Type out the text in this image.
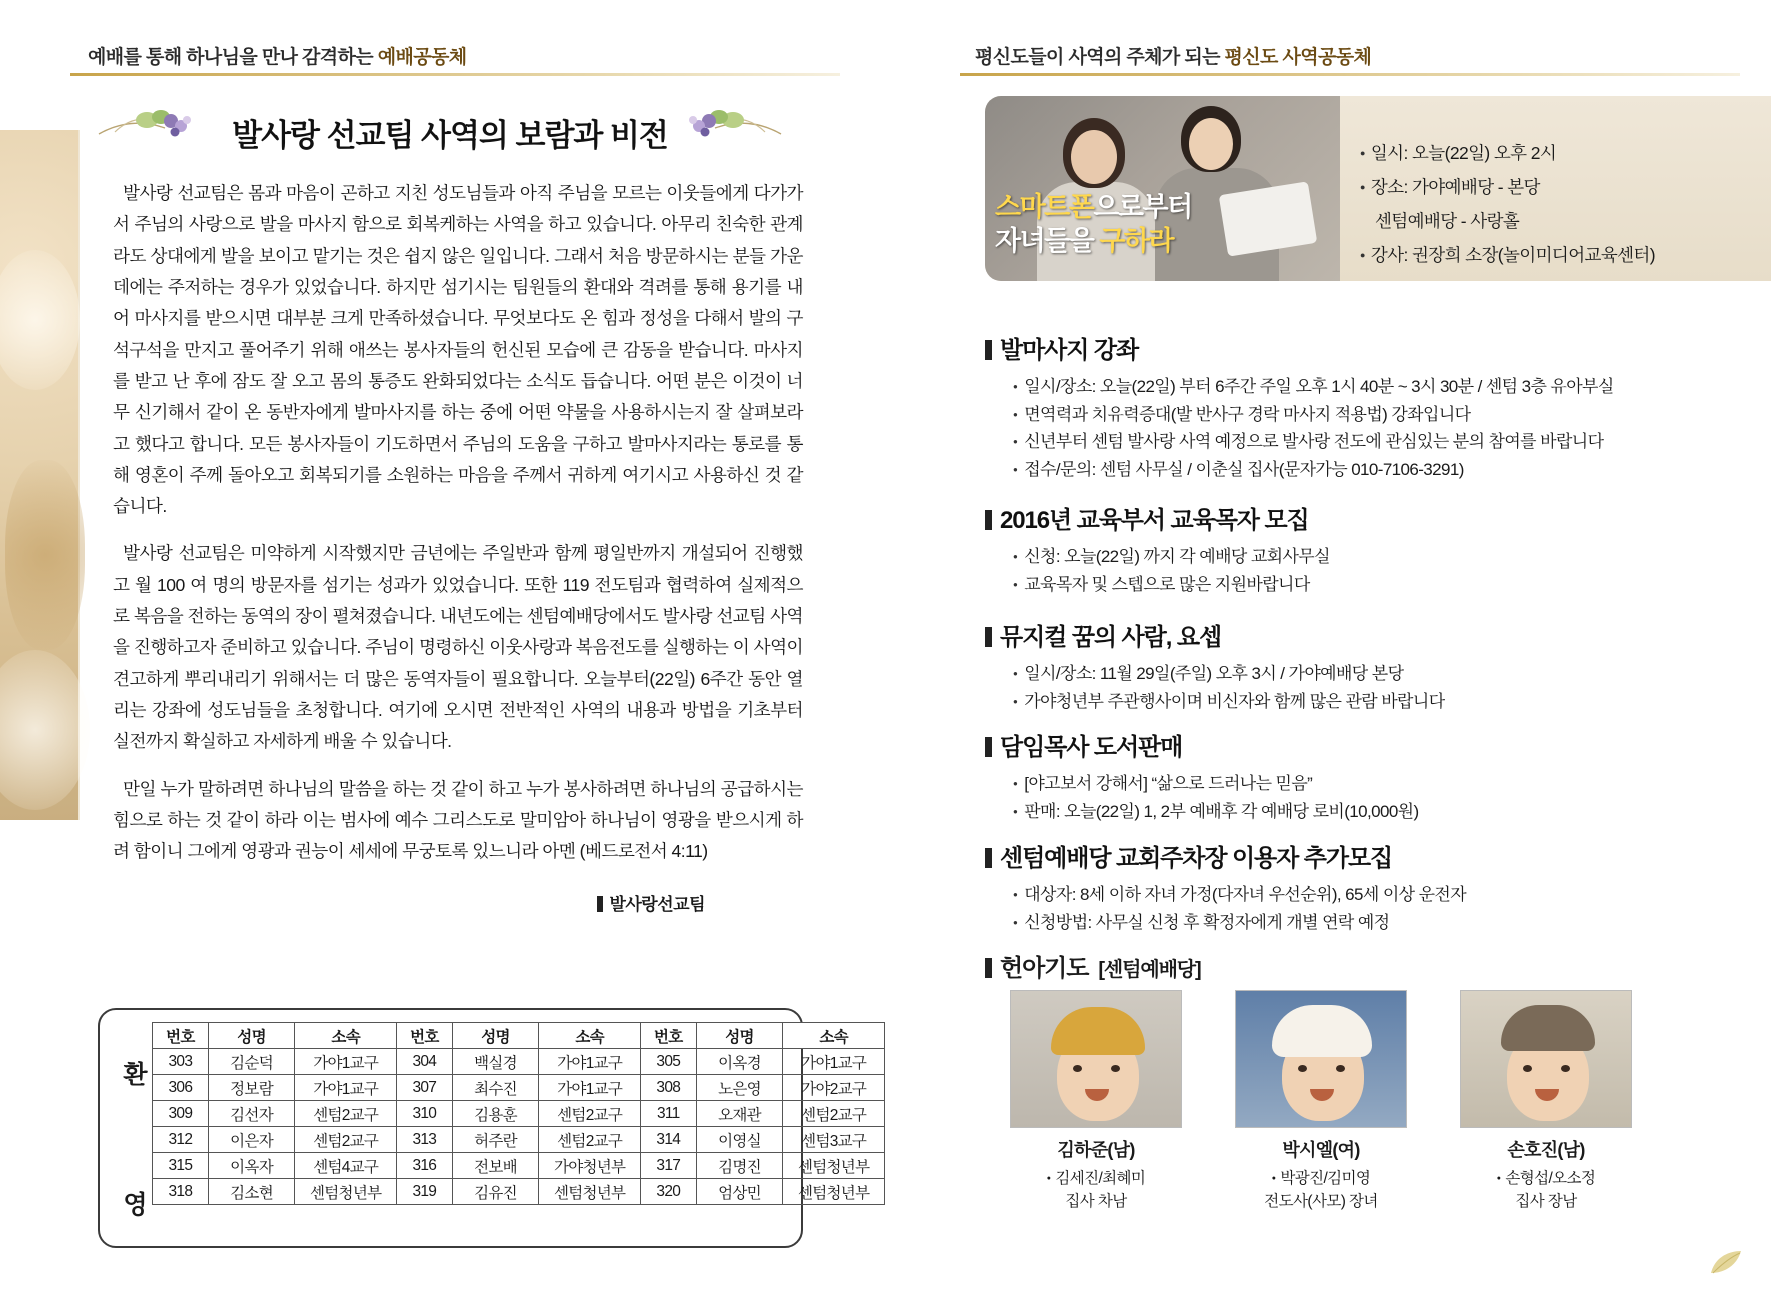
예배를 통해 하나님을 만나 감격하는 예배공동체
발사랑 선교팀 사역의 보람과 비전

발사랑 선교팀은 몸과 마음이 곤하고 지친 성도님들과 아직 주님을 모르는 이웃들에게 다가가서 주님의 사랑으로 발을 마사지 함으로 회복케하는 사역을 하고 있습니다. 아무리 친숙한 관계라도 상대에게 발을 보이고 맡기는 것은 쉽지 않은 일입니다. 그래서 처음 방문하시는 분들 가운데에는 주저하는 경우가 있었습니다. 하지만 섬기시는 팀원들의 환대와 격려를 통해 용기를 내어 마사지를 받으시면 대부분 크게 만족하셨습니다. 무엇보다도 온 힘과 정성을 다해서 발의 구석구석을 만지고 풀어주기 위해 애쓰는 봉사자들의 헌신된 모습에 큰 감동을 받습니다. 마사지를 받고 난 후에 잠도 잘 오고 몸의 통증도 완화되었다는 소식도 듭습니다. 어떤 분은 이것이 너무 신기해서 같이 온 동반자에게 발마사지를 하는 중에 어떤 약물을 사용하시는지 잘 살펴보라고 했다고 합니다. 모든 봉사자들이 기도하면서 주님의 도움을 구하고 발마사지라는 통로를 통해 영혼이 주께 돌아오고 회복되기를 소원하는 마음을 주께서 귀하게 여기시고 사용하신 것 같습니다.

발사랑 선교팀은 미약하게 시작했지만 금년에는 주일반과 함께 평일반까지 개설되어 진행했고 월 100 여 명의 방문자를 섬기는 성과가 있었습니다. 또한 119 전도팀과 협력하여 실제적으로 복음을 전하는 동역의 장이 펼쳐졌습니다. 내년도에는 센텀예배당에서도 발사랑 선교팀 사역을 진행하고자 준비하고 있습니다. 주님이 명령하신 이웃사랑과 복음전도를 실행하는 이 사역이 견고하게 뿌리내리기 위해서는 더 많은 동역자들이 필요합니다. 오늘부터(22일) 6주간 동안 열리는 강좌에 성도님들을 초청합니다. 여기에 오시면 전반적인 사역의 내용과 방법을 기초부터 실전까지 확실하고 자세하게 배울 수 있습니다.

만일 누가 말하려면 하나님의 말씀을 하는 것 같이 하고 누가 봉사하려면 하나님의 공급하시는 힘으로 하는 것 같이 하라 이는 범사에 예수 그리스도로 말미암아 하나님이 영광을 받으시게 하려 함이니 그에게 영광과 권능이 세세에 무궁토록 있느니라 아멘 (베드로전서 4:11)

발사랑선교팀
환
영
번호	성명	소속	번호	성명	소속	번호	성명	소속
303	김순덕	가야1교구	304	백실경	가야1교구	305	이옥경	가야1교구
306	정보람	가야1교구	307	최수진	가야1교구	308	노은영	가야2교구
309	김선자	센텀2교구	310	김용훈	센텀2교구	311	오재관	센텀2교구
312	이은자	센텀2교구	313	허주란	센텀2교구	314	이영실	센텀3교구
315	이옥자	센텀4교구	316	전보배	가야청년부	317	김명진	센텀청년부
318	김소현	센텀청년부	319	김유진	센텀청년부	320	엄상민	센텀청년부
평신도들이 사역의 주체가 되는 평신도 사역공동체
스마트폰으로부터
자녀들을 구하라
● 일시: 오늘(22일) 오후 2시
● 장소: 가야예배당 - 본당
센텀예배당 - 사랑홀
● 강사: 권장희 소장(놀이미디어교육센터)
발마사지 강좌
● 일시/장소: 오늘(22일) 부터 6주간 주일 오후 1시 40분 ~ 3시 30분 / 센텀 3층 유아부실
● 면역력과 치유력증대(발 반사구 경락 마사지 적용법) 강좌입니다
● 신년부터 센텀 발사랑 사역 예정으로 발사랑 전도에 관심있는 분의 참여를 바랍니다
● 접수/문의: 센텀 사무실 / 이춘실 집사(문자가능 010-7106-3291)
2016년 교육부서 교육목자 모집
● 신청: 오늘(22일) 까지 각 예배당 교회사무실
● 교육목자 및 스텝으로 많은 지원바랍니다
뮤지컬 꿈의 사람, 요셉
● 일시/장소: 11월 29일(주일) 오후 3시 / 가야예배당 본당
● 가야청년부 주관행사이며 비신자와 함께 많은 관람 바랍니다
담임목사 도서판매
● [야고보서 강해서] “삶으로 드러나는 믿음”
● 판매: 오늘(22일) 1, 2부 예배후 각 예배당 로비(10,000원)
센텀예배당 교회주차장 이용자 추가모집
● 대상자: 8세 이하 자녀 가정(다자녀 우선순위), 65세 이상 운전자
● 신청방법: 사무실 신청 후 확정자에게 개별 연락 예정
헌아기도 [센텀예배당]
김하준(남)
● 김세진/최혜미
집사 차남
박시엘(여)
● 박광진/김미영
전도사(사모) 장녀
손호진(남)
● 손형섭/오소정
집사 장남
